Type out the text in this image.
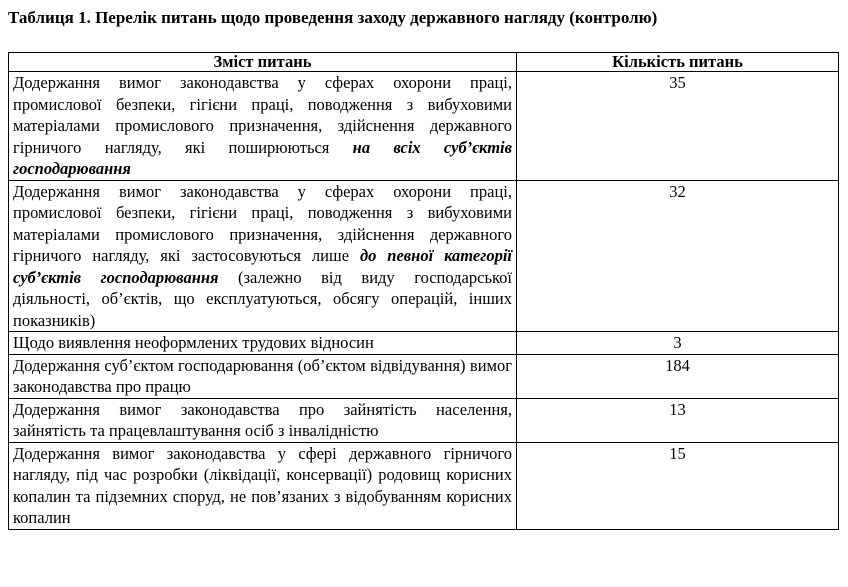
Таблиця 1. Перелік питань щодо проведення заходу державного нагляду (контролю)
Зміст питань	Кількість питань
Додержання вимог законодавства у сферах охорони праці, промислової безпеки, гігієни праці, поводження з вибуховими матеріалами промислового призначення, здійснення державного гірничого нагляду, які поширюються на всіх суб’єктів господарювання	35
Додержання вимог законодавства у сферах охорони праці, промислової безпеки, гігієни праці, поводження з вибуховими матеріалами промислового призначення, здійснення державного гірничого нагляду, які застосовуються лише до певної категорії суб’єктів господарювання (залежно від виду господарської діяльності, об’єктів, що експлуатуються, обсягу операцій, інших показників)	32
Щодо виявлення неоформлених трудових відносин	3
Додержання суб’єктом господарювання (об’єктом відвідування) вимог законодавства про працю	184
Додержання вимог законодавства про зайнятість населення, зайнятість та працевлаштування осіб з інвалідністю	13
Додержання вимог законодавства у сфері державного гірничого нагляду, під час розробки (ліквідації, консервації) родовищ корисних копалин та підземних споруд, не пов’язаних з відобуванням корисних копалин	15
